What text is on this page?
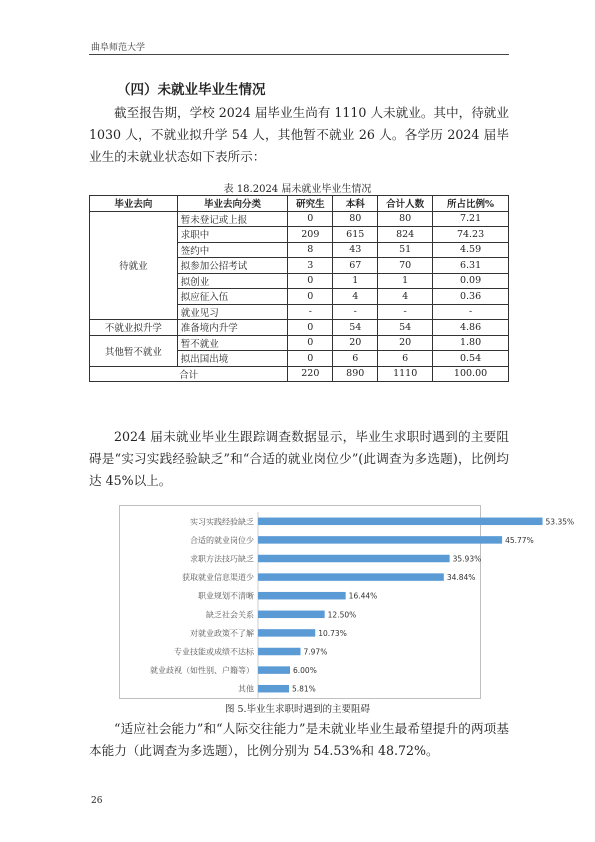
曲阜师范大学
（四）未就业毕业生情况

截至报告期，学校 2024 届毕业生尚有 1110 人未就业。其中，待就业 1030 人，不就业拟升学 54 人，其他暂不就业 26 人。各学历 2024 届毕业生的未就业状态如下表所示：

表 18.2024 届未就业毕业生情况
毕业去向	毕业去向分类	研究生	本科	合计人数	所占比例%
待就业	暂未登记或上报	0	80	80	7.21
	求职中	209	615	824	74.23
	签约中	8	43	51	4.59
	拟参加公招考试	3	67	70	6.31
	拟创业	0	1	1	0.09
	拟应征入伍	0	4	4	0.36
	就业见习	-	-	-	-
不就业拟升学	准备境内升学	0	54	54	4.86
其他暂不就业	暂不就业	0	20	20	1.80
	拟出国出境	0	6	6	0.54
合计		220	890	1110	100.00

2024 届未就业毕业生跟踪调查数据显示，毕业生求职时遇到的主要阻碍是“实习实践经验缺乏”和“合适的就业岗位少”(此调查为多选题)，比例均达 45%以上。

实习实践经验缺乏	53.35%
合适的就业岗位少	45.77%
求职方法技巧缺乏	35.93%
获取就业信息渠道少	34.84%
职业规划不清晰	16.44%
缺乏社会关系	12.50%
对就业政策不了解	10.73%
专业技能或成绩不达标	7.97%
就业歧视（如性别、户籍等）	6.00%
其他	5.81%
图 5.毕业生求职时遇到的主要阻碍

“适应社会能力”和“人际交往能力”是未就业毕业生最希望提升的两项基本能力（此调查为多选题），比例分别为 54.53%和 48.72%。

26
